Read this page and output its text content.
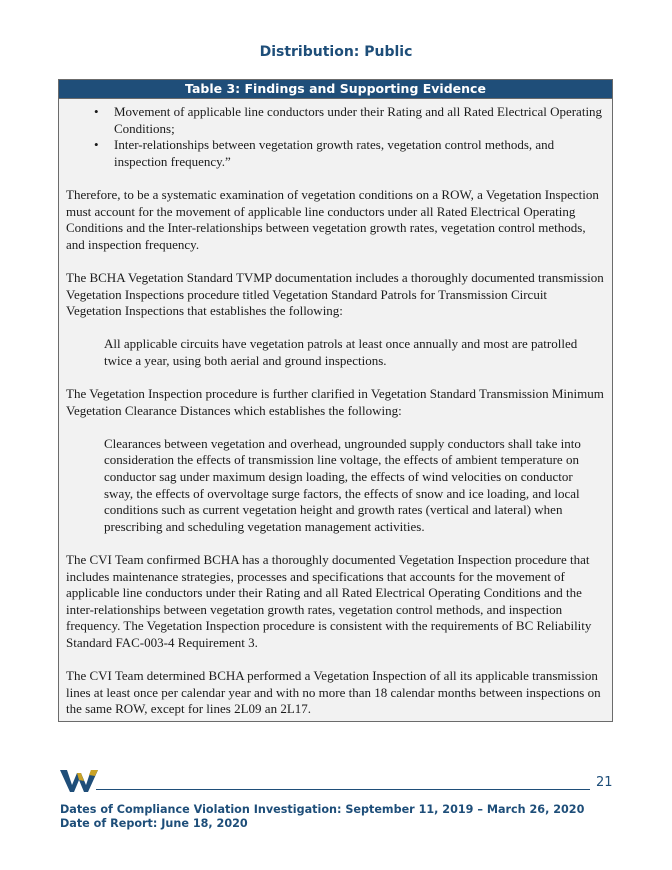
Distribution: Public
Table 3: Findings and Supporting Evidence
• Movement of applicable line conductors under their Rating and all Rated Electrical Operating Conditions;
• Inter-relationships between vegetation growth rates, vegetation control methods, and inspection frequency.”

Therefore, to be a systematic examination of vegetation conditions on a ROW, a Vegetation Inspection must account for the movement of applicable line conductors under all Rated Electrical Operating Conditions and the Inter-relationships between vegetation growth rates, vegetation control methods, and inspection frequency.

The BCHA Vegetation Standard TVMP documentation includes a thoroughly documented transmission Vegetation Inspections procedure titled Vegetation Standard Patrols for Transmission Circuit Vegetation Inspections that establishes the following:

All applicable circuits have vegetation patrols at least once annually and most are patrolled twice a year, using both aerial and ground inspections.

The Vegetation Inspection procedure is further clarified in Vegetation Standard Transmission Minimum Vegetation Clearance Distances which establishes the following:

Clearances between vegetation and overhead, ungrounded supply conductors shall take into consideration the effects of transmission line voltage, the effects of ambient temperature on conductor sag under maximum design loading, the effects of wind velocities on conductor sway, the effects of overvoltage surge factors, the effects of snow and ice loading, and local conditions such as current vegetation height and growth rates (vertical and lateral) when prescribing and scheduling vegetation management activities.

The CVI Team confirmed BCHA has a thoroughly documented Vegetation Inspection procedure that includes maintenance strategies, processes and specifications that accounts for the movement of applicable line conductors under their Rating and all Rated Electrical Operating Conditions and the inter-relationships between vegetation growth rates, vegetation control methods, and inspection frequency. The Vegetation Inspection procedure is consistent with the requirements of BC Reliability Standard FAC-003-4 Requirement 3.

The CVI Team determined BCHA performed a Vegetation Inspection of all its applicable transmission lines at least once per calendar year and with no more than 18 calendar months between inspections on the same ROW, except for lines 2L09 an 2L17.

21
Dates of Compliance Violation Investigation: September 11, 2019 – March 26, 2020
Date of Report: June 18, 2020
